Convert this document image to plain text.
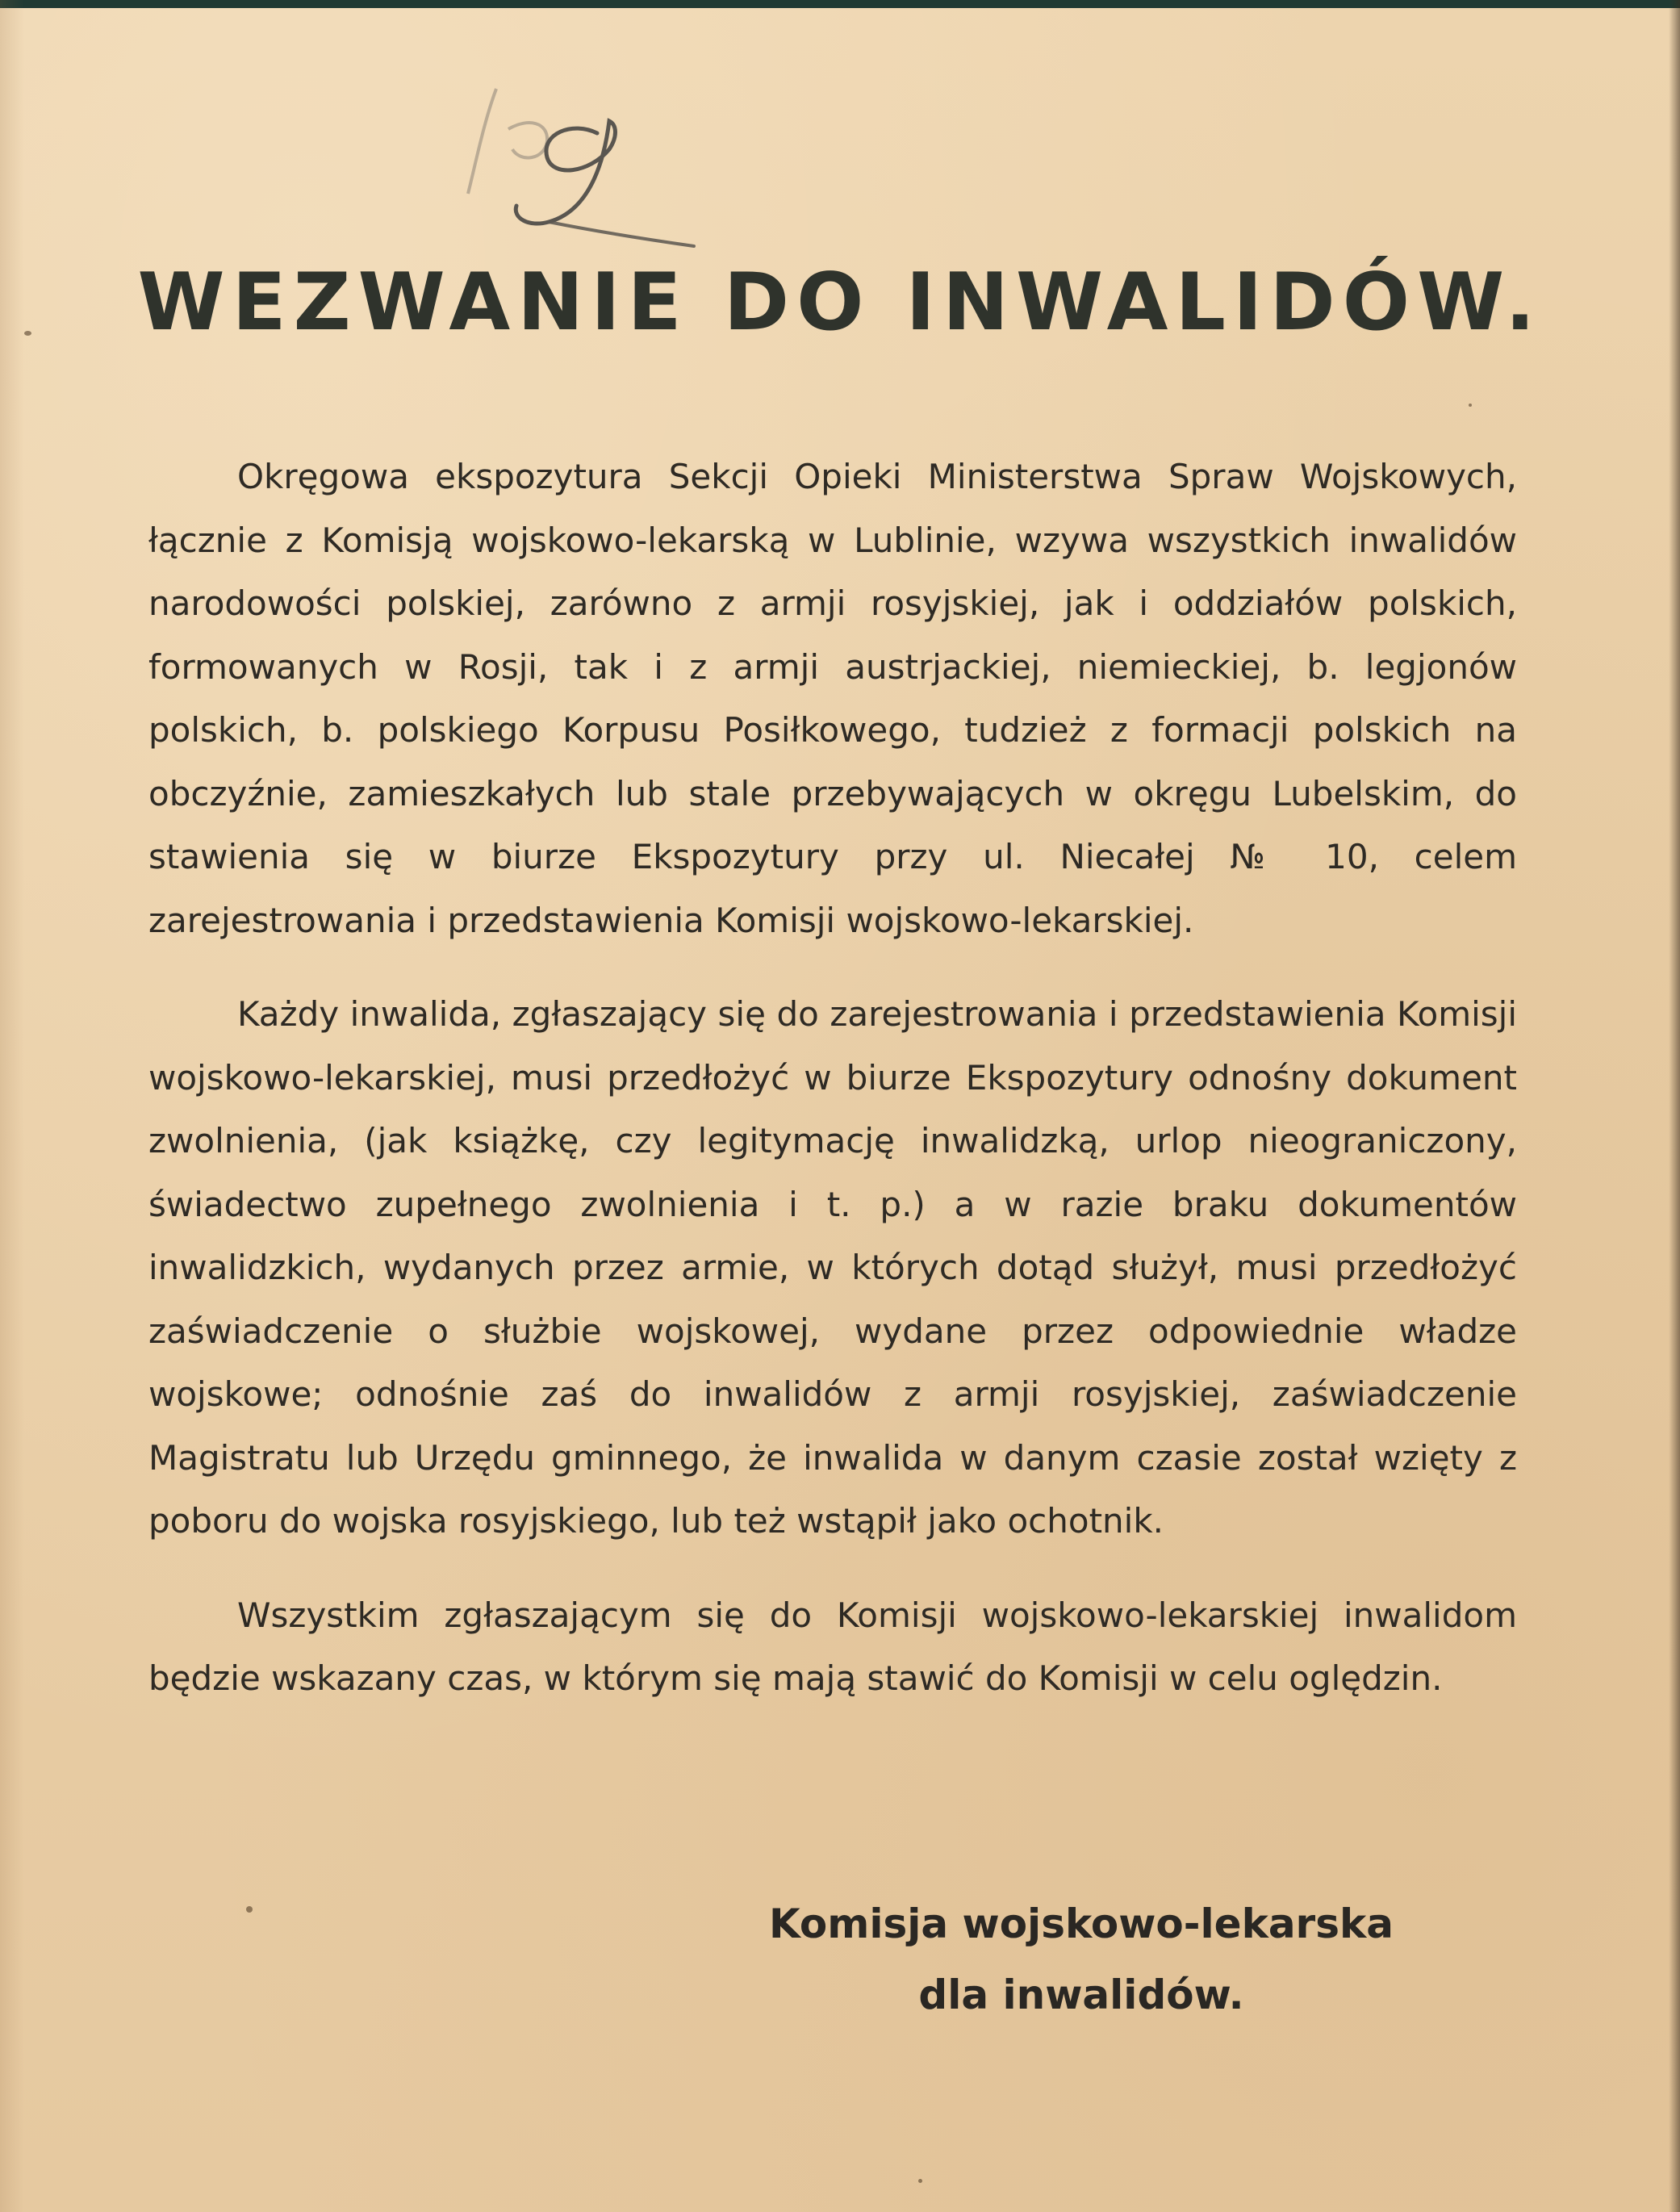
WEZWANIE DO INWALIDÓW.

Okręgowa ekspozytura Sekcji Opieki Ministerstwa Spraw Wojskowych, łącznie z Komisją wojskowo-lekarską w Lublinie, wzywa wszystkich inwalidów narodowości polskiej, zarówno z armji rosyjskiej, jak i oddziałów polskich, formowanych w Rosji, tak i z armji austrjackiej, niemieckiej, b. legjonów polskich, b. polskiego Korpusu Posiłkowego, tudzież z formacji polskich na obczyźnie, zamieszkałych lub stale przebywających w okręgu Lubelskim, do stawienia się w biurze Ekspozytury przy ul. Niecałej № 10, celem zarejestrowania i przedstawienia Komisji wojskowo-lekarskiej.

Każdy inwalida, zgłaszający się do zarejestrowania i przedstawienia Komisji wojskowo-lekarskiej, musi przedłożyć w biurze Ekspozytury odnośny dokument zwolnienia, (jak książkę, czy legitymację inwalidzką, urlop nieograniczony, świadectwo zupełnego zwolnienia i t. p.) a w razie braku dokumentów inwalidzkich, wydanych przez armie, w których dotąd służył, musi przedłożyć zaświadczenie o służbie wojskowej, wydane przez odpowiednie władze wojskowe; odnośnie zaś do inwalidów z armji rosyjskiej, zaświadczenie Magistratu lub Urzędu gminnego, że inwalida w danym czasie został wzięty z poboru do wojska rosyjskiego, lub też wstąpił jako ochotnik.

Wszystkim zgłaszającym się do Komisji wojskowo-lekarskiej inwalidom będzie wskazany czas, w którym się mają stawić do Komisji w celu oględzin.

Komisja wojskowo-lekarska
dla inwalidów.
